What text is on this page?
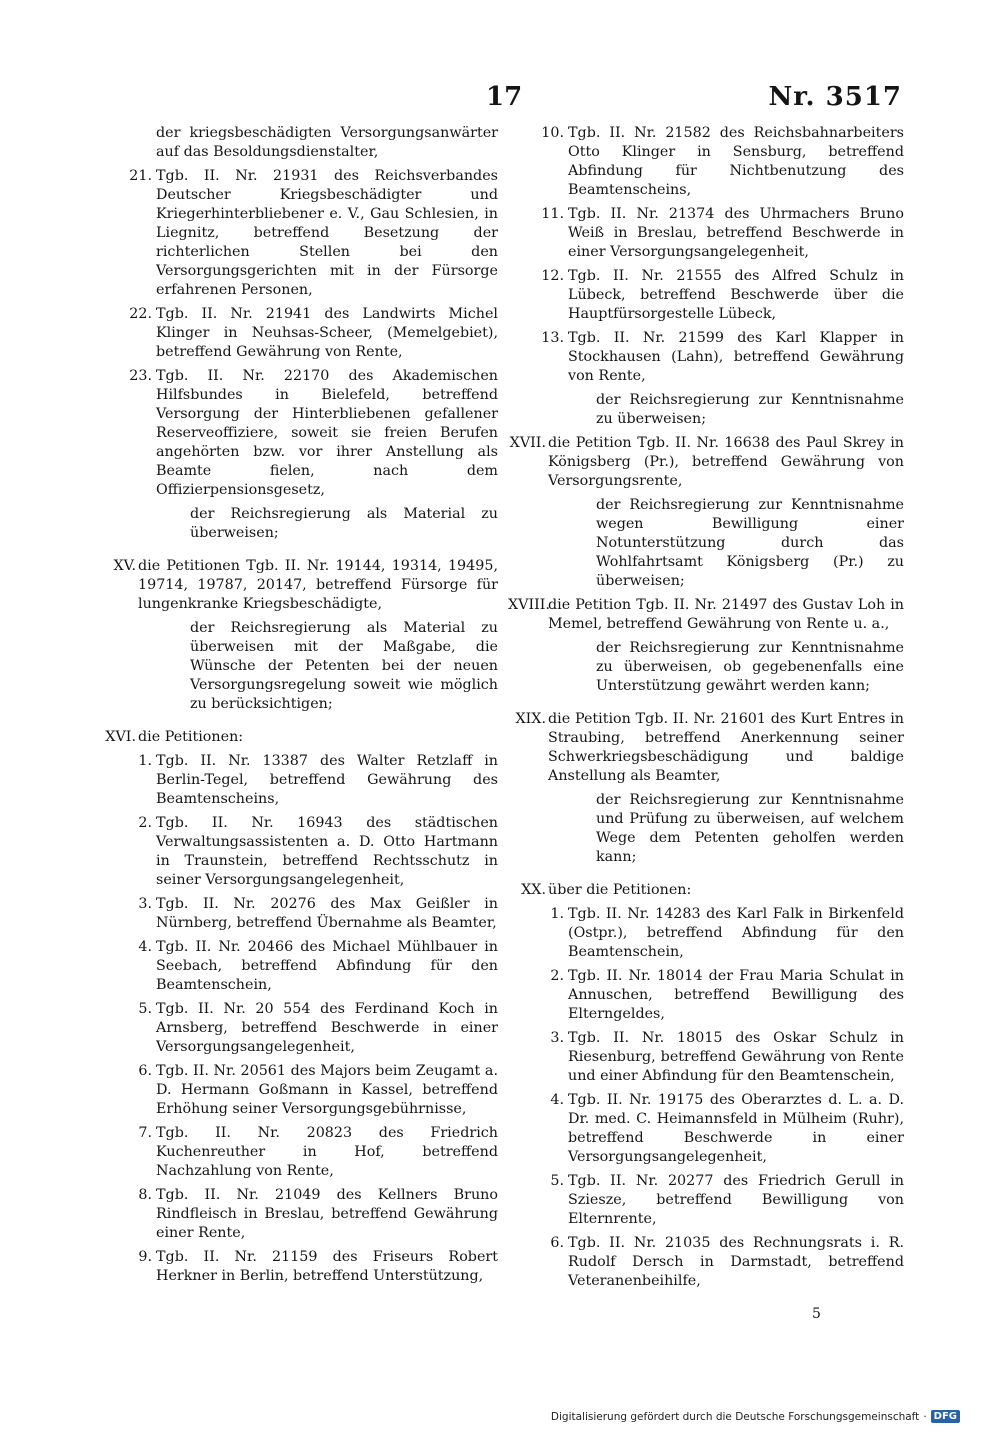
17	Nr. 3517
der kriegsbeschädigten Versorgungsanwärter auf das Besoldungsdienstalter,
21. Tgb. II. Nr. 21931 des Reichsverbandes Deutscher Kriegsbeschädigter und Kriegerhinterbliebener e. V., Gau Schlesien, in Liegnitz, betreffend Besetzung der richterlichen Stellen bei den Versorgungsgerichten mit in der Fürsorge erfahrenen Personen,
22. Tgb. II. Nr. 21941 des Landwirts Michel Klinger in Neuhsas-Scheer, (Memelgebiet), betreffend Gewährung von Rente,
23. Tgb. II. Nr. 22170 des Akademischen Hilfsbundes in Bielefeld, betreffend Versorgung der Hinterbliebenen gefallener Reserveoffiziere, soweit sie freien Berufen angehörten bzw. vor ihrer Anstellung als Beamte fielen, nach dem Offizierpensionsgesetz,
der Reichsregierung als Material zu überweisen;
XV. die Petitionen Tgb. II. Nr. 19144, 19314, 19495, 19714, 19787, 20147, betreffend Fürsorge für lungenkranke Kriegsbeschädigte,
der Reichsregierung als Material zu überweisen mit der Maßgabe, die Wünsche der Petenten bei der neuen Versorgungsregelung soweit wie möglich zu berücksichtigen;
XVI. die Petitionen:
1. Tgb. II. Nr. 13387 des Walter Retzlaff in Berlin-Tegel, betreffend Gewährung des Beamtenscheins,
2. Tgb. II. Nr. 16943 des städtischen Verwaltungsassistenten a. D. Otto Hartmann in Traunstein, betreffend Rechtsschutz in seiner Versorgungsangelegenheit,
3. Tgb. II. Nr. 20276 des Max Geißler in Nürnberg, betreffend Übernahme als Beamter,
4. Tgb. II. Nr. 20466 des Michael Mühlbauer in Seebach, betreffend Abfindung für den Beamtenschein,
5. Tgb. II. Nr. 20 554 des Ferdinand Koch in Arnsberg, betreffend Beschwerde in einer Versorgungsangelegenheit,
6. Tgb. II. Nr. 20561 des Majors beim Zeugamt a. D. Hermann Goßmann in Kassel, betreffend Erhöhung seiner Versorgungsgebührnisse,
7. Tgb. II. Nr. 20823 des Friedrich Kuchenreuther in Hof, betreffend Nachzahlung von Rente,
8. Tgb. II. Nr. 21049 des Kellners Bruno Rindfleisch in Breslau, betreffend Gewährung einer Rente,
9. Tgb. II. Nr. 21159 des Friseurs Robert Herkner in Berlin, betreffend Unterstützung,
10. Tgb. II. Nr. 21582 des Reichsbahnarbeiters Otto Klinger in Sensburg, betreffend Abfindung für Nichtbenutzung des Beamtenscheins,
11. Tgb. II. Nr. 21374 des Uhrmachers Bruno Weiß in Breslau, betreffend Beschwerde in einer Versorgungsangelegenheit,
12. Tgb. II. Nr. 21555 des Alfred Schulz in Lübeck, betreffend Beschwerde über die Hauptfürsorgestelle Lübeck,
13. Tgb. II. Nr. 21599 des Karl Klapper in Stockhausen (Lahn), betreffend Gewährung von Rente,
der Reichsregierung zur Kenntnisnahme zu überweisen;
XVII. die Petition Tgb. II. Nr. 16638 des Paul Skrey in Königsberg (Pr.), betreffend Gewährung von Versorgungsrente,
der Reichsregierung zur Kenntnisnahme wegen Bewilligung einer Notunterstützung durch das Wohlfahrtsamt Königsberg (Pr.) zu überweisen;
XVIII.
die Petition Tgb. II. Nr. 21497 des Gustav Loh in Memel, betreffend Gewährung von Rente u. a.,
der Reichsregierung zur Kenntnisnahme zu überweisen, ob gegebenenfalls eine Unterstützung gewährt werden kann;
XIX. die Petition Tgb. II. Nr. 21601 des Kurt Entres in Straubing, betreffend Anerkennung seiner Schwerkriegsbeschädigung und baldige Anstellung als Beamter,
der Reichsregierung zur Kenntnisnahme und Prüfung zu überweisen, auf welchem Wege dem Petenten geholfen werden kann;
XX. über die Petitionen:
1. Tgb. II. Nr. 14283 des Karl Falk in Birkenfeld (Ostpr.), betreffend Abfindung für den Beamtenschein,
2. Tgb. II. Nr. 18014 der Frau Maria Schulat in Annuschen, betreffend Bewilligung des Elterngeldes,
3. Tgb. II. Nr. 18015 des Oskar Schulz in Riesenburg, betreffend Gewährung von Rente und einer Abfindung für den Beamtenschein,
4. Tgb. II. Nr. 19175 des Oberarztes d. L. a. D. Dr. med. C. Heimannsfeld in Mülheim (Ruhr), betreffend Beschwerde in einer Versorgungsangelegenheit,
5. Tgb. II. Nr. 20277 des Friedrich Gerull in Sziesze, betreffend Bewilligung von Elternrente,
6. Tgb. II. Nr. 21035 des Rechnungsrats i. R. Rudolf Dersch in Darmstadt, betreffend Veteranenbeihilfe,
5
Digitalisierung gefördert durch die Deutsche Forschungsgemeinschaft · DFG
